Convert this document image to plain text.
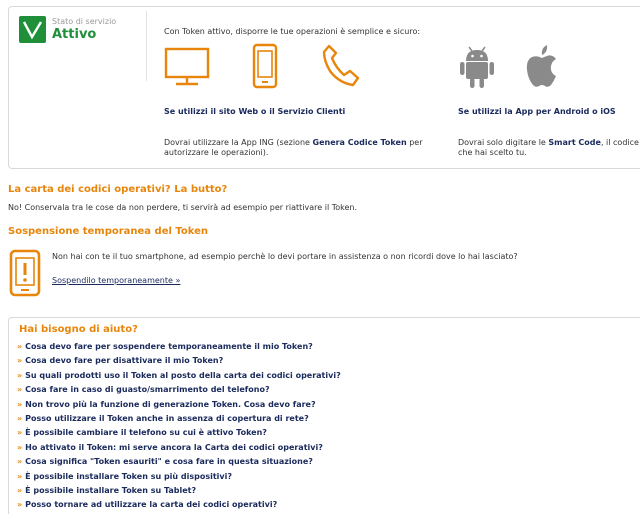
Stato di servizio
Attivo	Con Token attivo, disporre le tue operazioni è semplice e sicuro:
Se utilizzi il sito Web o il Servizio Clienti	Se utilizzi la App per Android o iOS
Dovrai utilizzare la App ING (sezione Genera Codice Token per autorizzare le operazioni).
Dovrai solo digitare le Smart Code, il codice che hai scelto tu.
La carta dei codici operativi? La butto?
No! Conservala tra le cose da non perdere, ti servirà ad esempio per riattivare il Token.
Sospensione temporanea del Token
Non hai con te il tuo smartphone, ad esempio perchè lo devi portare in assistenza o non ricordi dove lo hai lasciato?
Sospendilo temporaneamente »
Hai bisogno di aiuto?
» Cosa devo fare per sospendere temporaneamente il mio Token?
» Cosa devo fare per disattivare il mio Token?
» Su quali prodotti uso il Token al posto della carta dei codici operativi?
» Cosa fare in caso di guasto/smarrimento del telefono?
» Non trovo più la funzione di generazione Token. Cosa devo fare?
» Posso utilizzare il Token anche in assenza di copertura di rete?
» È possibile cambiare il telefono su cui è attivo Token?
» Ho attivato il Token: mi serve ancora la Carta dei codici operativi?
» Cosa significa "Token esauriti" e cosa fare in questa situazione?
» È possibile installare Token su più dispositivi?
» È possibile installare Token su Tablet?
» Posso tornare ad utilizzare la carta dei codici operativi?
